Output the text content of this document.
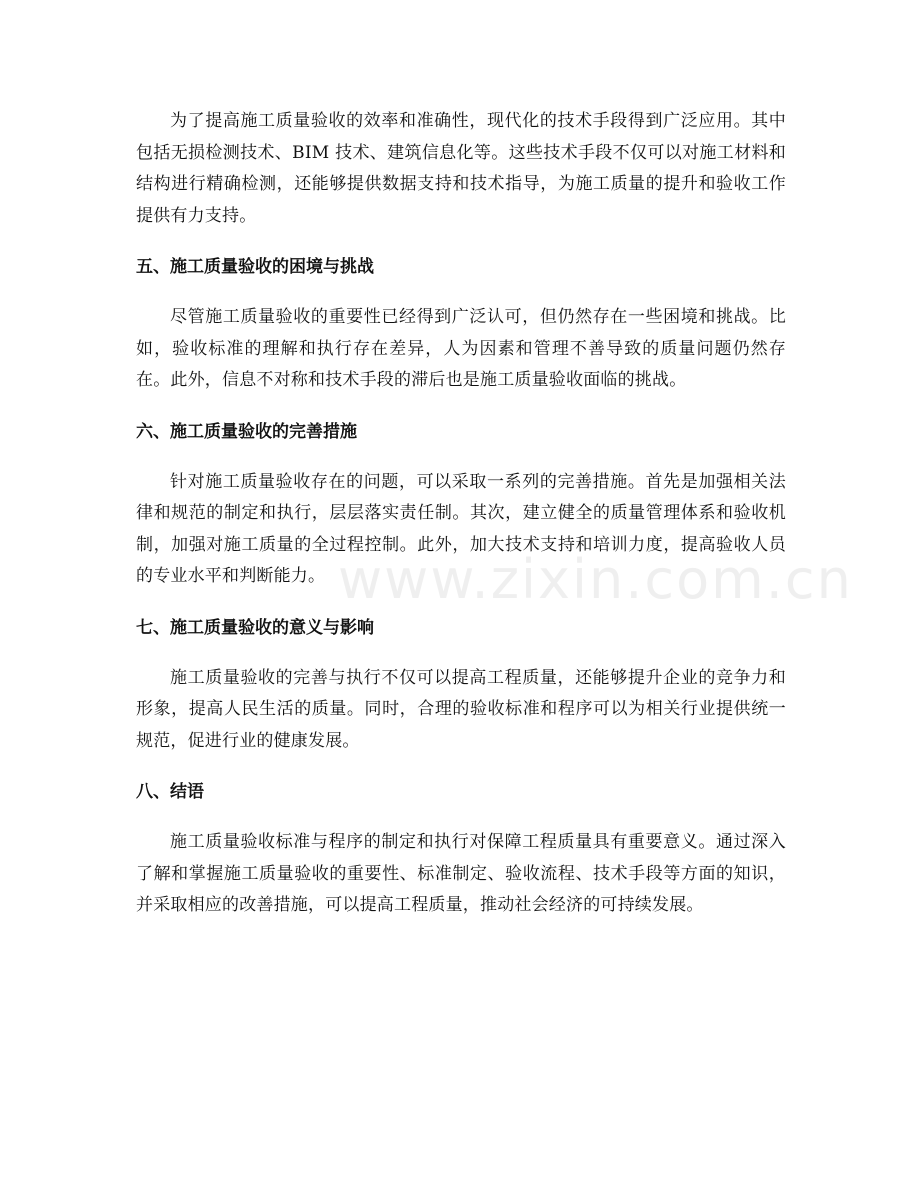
为了提高施工质量验收的效率和准确性，现代化的技术手段得到广泛应用。其中包括无损检测技术、BIM 技术、建筑信息化等。这些技术手段不仅可以对施工材料和结构进行精确检测，还能够提供数据支持和技术指导，为施工质量的提升和验收工作提供有力支持。

五、施工质量验收的困境与挑战

尽管施工质量验收的重要性已经得到广泛认可，但仍然存在一些困境和挑战。比如，验收标准的理解和执行存在差异，人为因素和管理不善导致的质量问题仍然存在。此外，信息不对称和技术手段的滞后也是施工质量验收面临的挑战。

六、施工质量验收的完善措施

针对施工质量验收存在的问题，可以采取一系列的完善措施。首先是加强相关法律和规范的制定和执行，层层落实责任制。其次，建立健全的质量管理体系和验收机制，加强对施工质量的全过程控制。此外，加大技术支持和培训力度，提高验收人员的专业水平和判断能力。

七、施工质量验收的意义与影响

施工质量验收的完善与执行不仅可以提高工程质量，还能够提升企业的竞争力和形象，提高人民生活的质量。同时，合理的验收标准和程序可以为相关行业提供统一规范，促进行业的健康发展。

八、结语

施工质量验收标准与程序的制定和执行对保障工程质量具有重要意义。通过深入了解和掌握施工质量验收的重要性、标准制定、验收流程、技术手段等方面的知识，并采取相应的改善措施，可以提高工程质量，推动社会经济的可持续发展。

www.zixin.com.cn
